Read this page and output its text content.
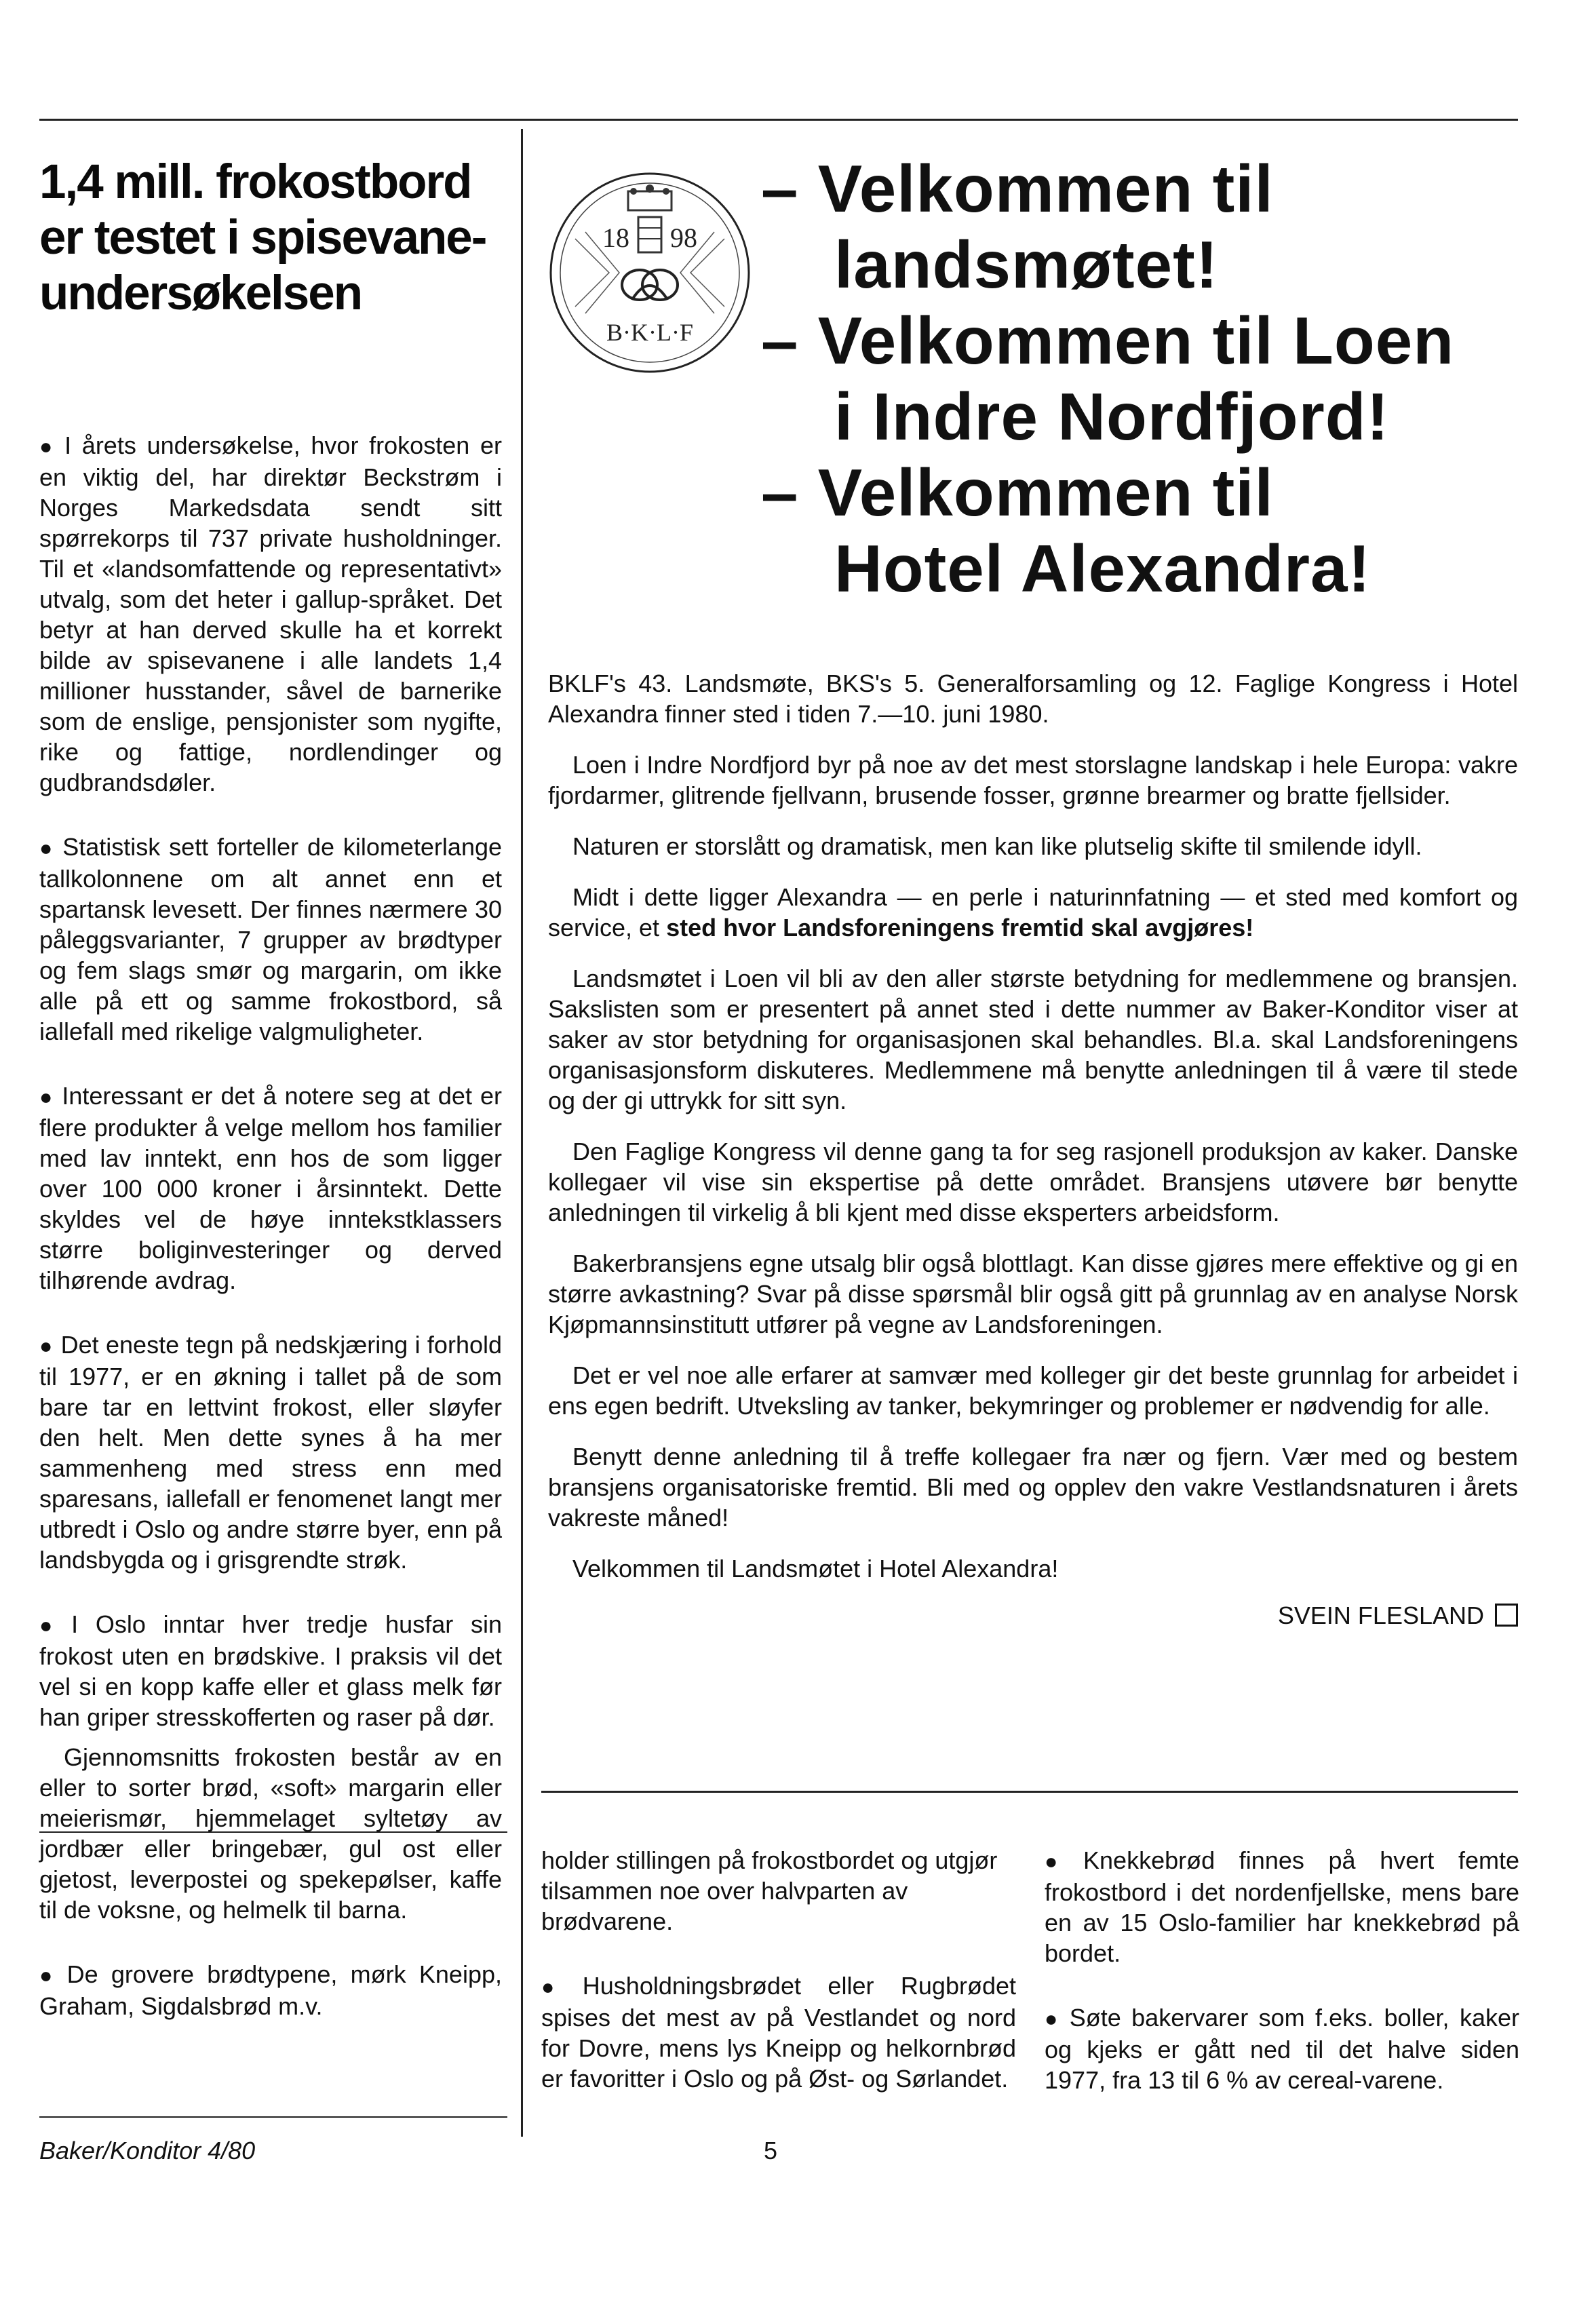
1,4 mill. frokostbord
er testet i spisevane-
undersøkelsen

● I årets undersøkelse, hvor frokosten er en viktig del, har direktør Beckstrøm i Norges Markedsdata sendt sitt spørrekorps til 737 private husholdninger. Til et «landsomfattende og representativt» utvalg, som det heter i gallup-språket. Det betyr at han derved skulle ha et korrekt bilde av spisevanene i alle landets 1,4 millioner husstander, såvel de barnerike som de enslige, pensjonister som nygifte, rike og fattige, nordlendinger og gudbrandsdøler.

● Statistisk sett forteller de kilometerlange tallkolonnene om alt annet enn et spartansk levesett. Der finnes nærmere 30 påleggsvarianter, 7 grupper av brødtyper og fem slags smør og margarin, om ikke alle på ett og samme frokostbord, så iallefall med rikelige valgmuligheter.

● Interessant er det å notere seg at det er flere produkter å velge mellom hos familier med lav inntekt, enn hos de som ligger over 100 000 kroner i årsinntekt. Dette skyldes vel de høye inntekstklassers større boliginvesteringer og derved tilhørende avdrag.

● Det eneste tegn på nedskjæring i forhold til 1977, er en økning i tallet på de som bare tar en lettvint frokost, eller sløyfer den helt. Men dette synes å ha mer sammenheng med stress enn med sparesans, iallefall er fenomenet langt mer utbredt i Oslo og andre større byer, enn på landsbygda og i grisgrendte strøk.

● I Oslo inntar hver tredje husfar sin frokost uten en brødskive. I praksis vil det vel si en kopp kaffe eller et glass melk før han griper stresskofferten og raser på dør.

Gjennomsnitts frokosten består av en eller to sorter brød, «soft» margarin eller meierismør, hjemmelaget syltetøy av jordbær eller bringebær, gul ost eller gjetost, leverpostei og spekepølser, kaffe til de voksne, og helmelk til barna.

● De grovere brødtypene, mørk Kneipp, Graham, Sigdalsbrød m.v.

18 98
B·K·L·F

– Velkommen til

landsmøtet!

– Velkommen til Loen

i Indre Nordfjord!

– Velkommen til

Hotel Alexandra!

BKLF's 43. Landsmøte, BKS's 5. Generalforsamling og 12. Faglige Kongress i Hotel Alexandra finner sted i tiden 7.—10. juni 1980.

Loen i Indre Nordfjord byr på noe av det mest storslagne landskap i hele Europa: vakre fjordarmer, glitrende fjellvann, brusende fosser, grønne brearmer og bratte fjellsider.

Naturen er storslått og dramatisk, men kan like plutselig skifte til smilende idyll.

Midt i dette ligger Alexandra — en perle i naturinnfatning — et sted med komfort og service, et sted hvor Landsforeningens fremtid skal avgjøres!

Landsmøtet i Loen vil bli av den aller største betydning for medlemmene og bransjen. Sakslisten som er presentert på annet sted i dette nummer av Baker-Konditor viser at saker av stor betydning for organisasjonen skal behandles. Bl.a. skal Landsforeningens organisasjonsform diskuteres. Medlemmene må benytte anledningen til å være til stede og der gi uttrykk for sitt syn.

Den Faglige Kongress vil denne gang ta for seg rasjonell produksjon av kaker. Danske kollegaer vil vise sin ekspertise på dette området. Bransjens utøvere bør benytte anledningen til virkelig å bli kjent med disse eksperters arbeidsform.

Bakerbransjens egne utsalg blir også blottlagt. Kan disse gjøres mere effektive og gi en større avkastning? Svar på disse spørsmål blir også gitt på grunnlag av en analyse Norsk Kjøpmannsinstitutt utfører på vegne av Landsforeningen.

Det er vel noe alle erfarer at samvær med kolleger gir det beste grunnlag for arbeidet i ens egen bedrift. Utveksling av tanker, bekymringer og problemer er nødvendig for alle.

Benytt denne anledning til å treffe kollegaer fra nær og fjern. Vær med og bestem bransjens organisatoriske fremtid. Bli med og opplev den vakre Vestlandsnaturen i årets vakreste måned!

Velkommen til Landsmøtet i Hotel Alexandra!

SVEIN FLESLAND

holder stillingen på frokostbordet og utgjør tilsammen noe over halvparten av brødvarene.

● Husholdningsbrødet eller Rugbrødet spises det mest av på Vestlandet og nord for Dovre, mens lys Kneipp og helkornbrød er favoritter i Oslo og på Øst- og Sørlandet.

● Knekkebrød finnes på hvert femte frokostbord i det nordenfjellske, mens bare en av 15 Oslo-familier har knekkebrød på bordet.

● Søte bakervarer som f.eks. boller, kaker og kjeks er gått ned til det halve siden 1977, fra 13 til 6 % av cereal-varene.

Baker/Konditor 4/80	5
